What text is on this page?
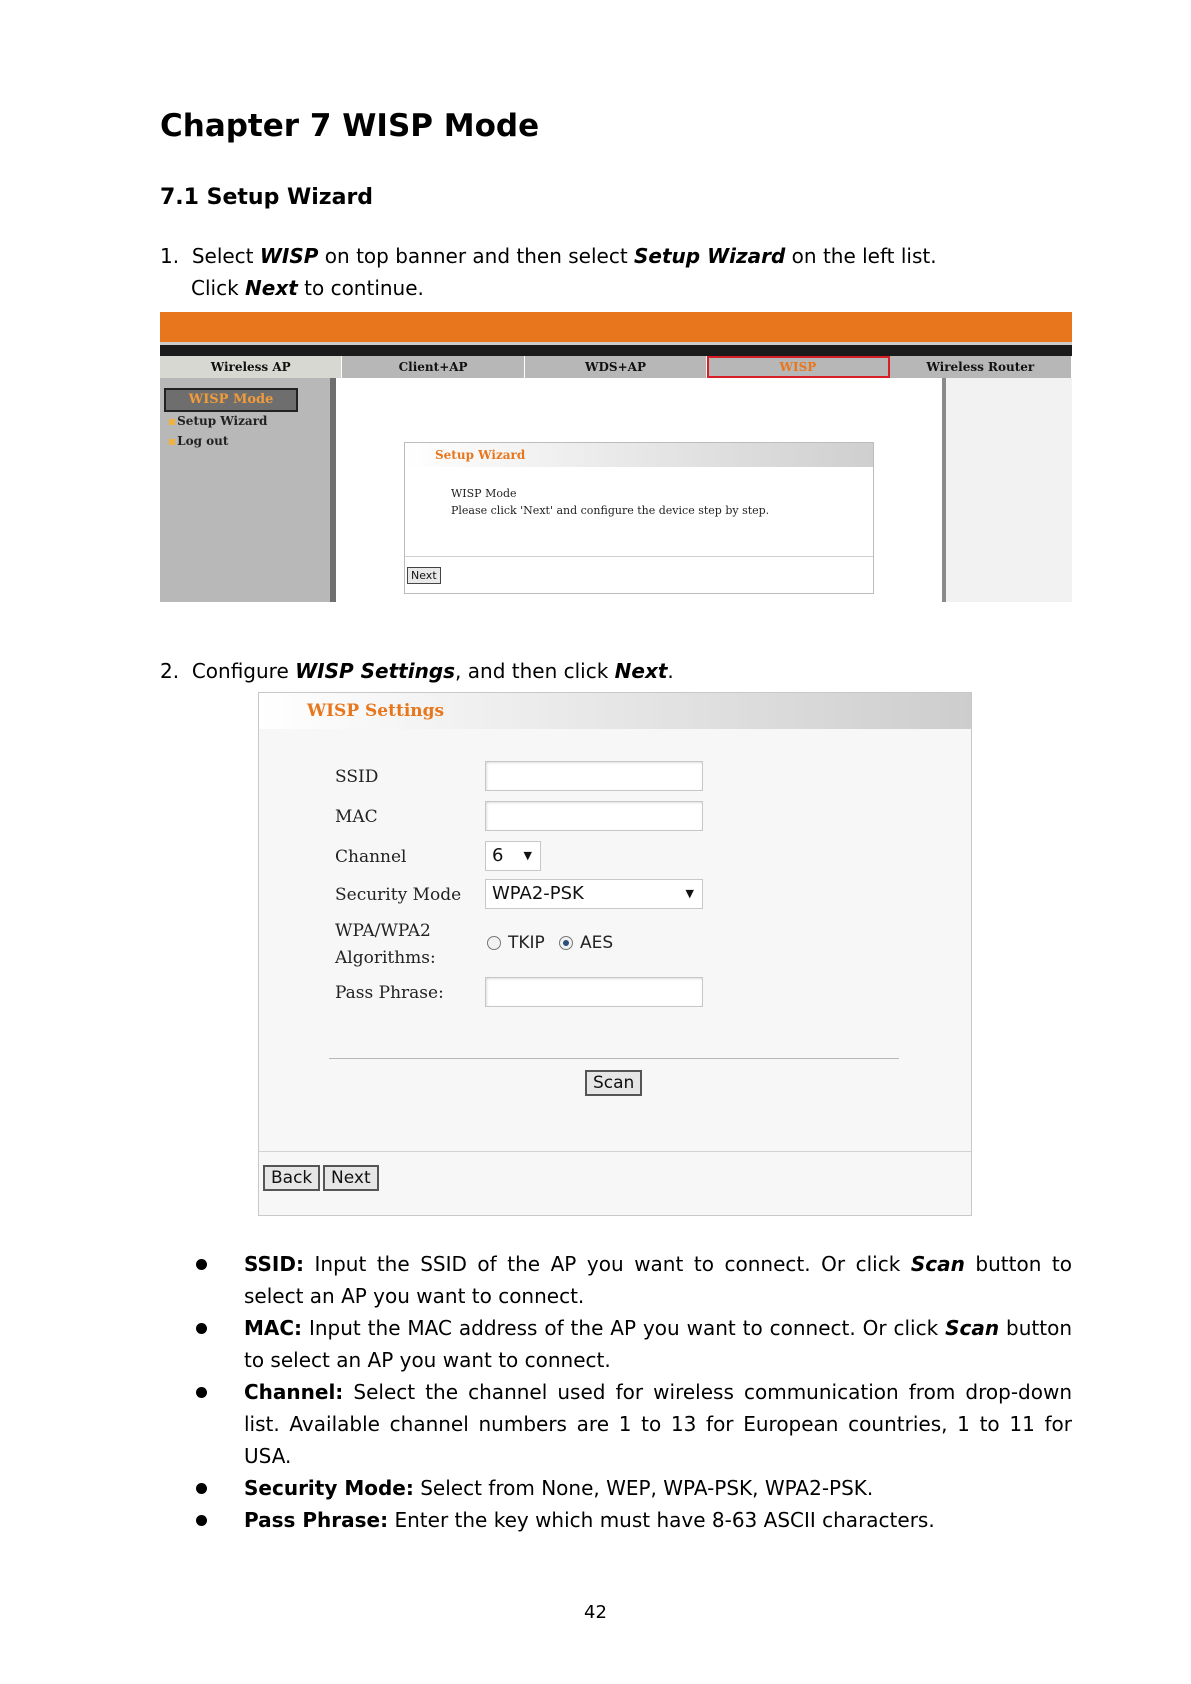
Chapter 7 WISP Mode
7.1 Setup Wizard
1. Select WISP on top banner and then select Setup Wizard on the left list.
Click Next to continue.
Wireless AP	Client+AP	WDS+AP	WISP	Wireless Router
WISP Mode
▪ Setup Wizard
▪ Log out
Setup Wizard
WISP Mode
Please click 'Next' and configure the device step by step.
Next
2. Configure WISP Settings, and then click Next.
WISP Settings
SSID
MAC
Channel	6 ▼
Security Mode	WPA2-PSK	▼
WPA/WPA2
Algorithms:
TKIP AES
Pass Phrase:
Scan
Back	Next
SSID: Input the SSID of the AP you want to connect. Or click Scan button to select an AP you want to connect.
MAC: Input the MAC address of the AP you want to connect. Or click Scan button to select an AP you want to connect.
Channel: Select the channel used for wireless communication from drop-down list. Available channel numbers are 1 to 13 for European countries, 1 to 11 for USA.
Security Mode: Select from None, WEP, WPA-PSK, WPA2-PSK.
Pass Phrase: Enter the key which must have 8-63 ASCII characters.
42
